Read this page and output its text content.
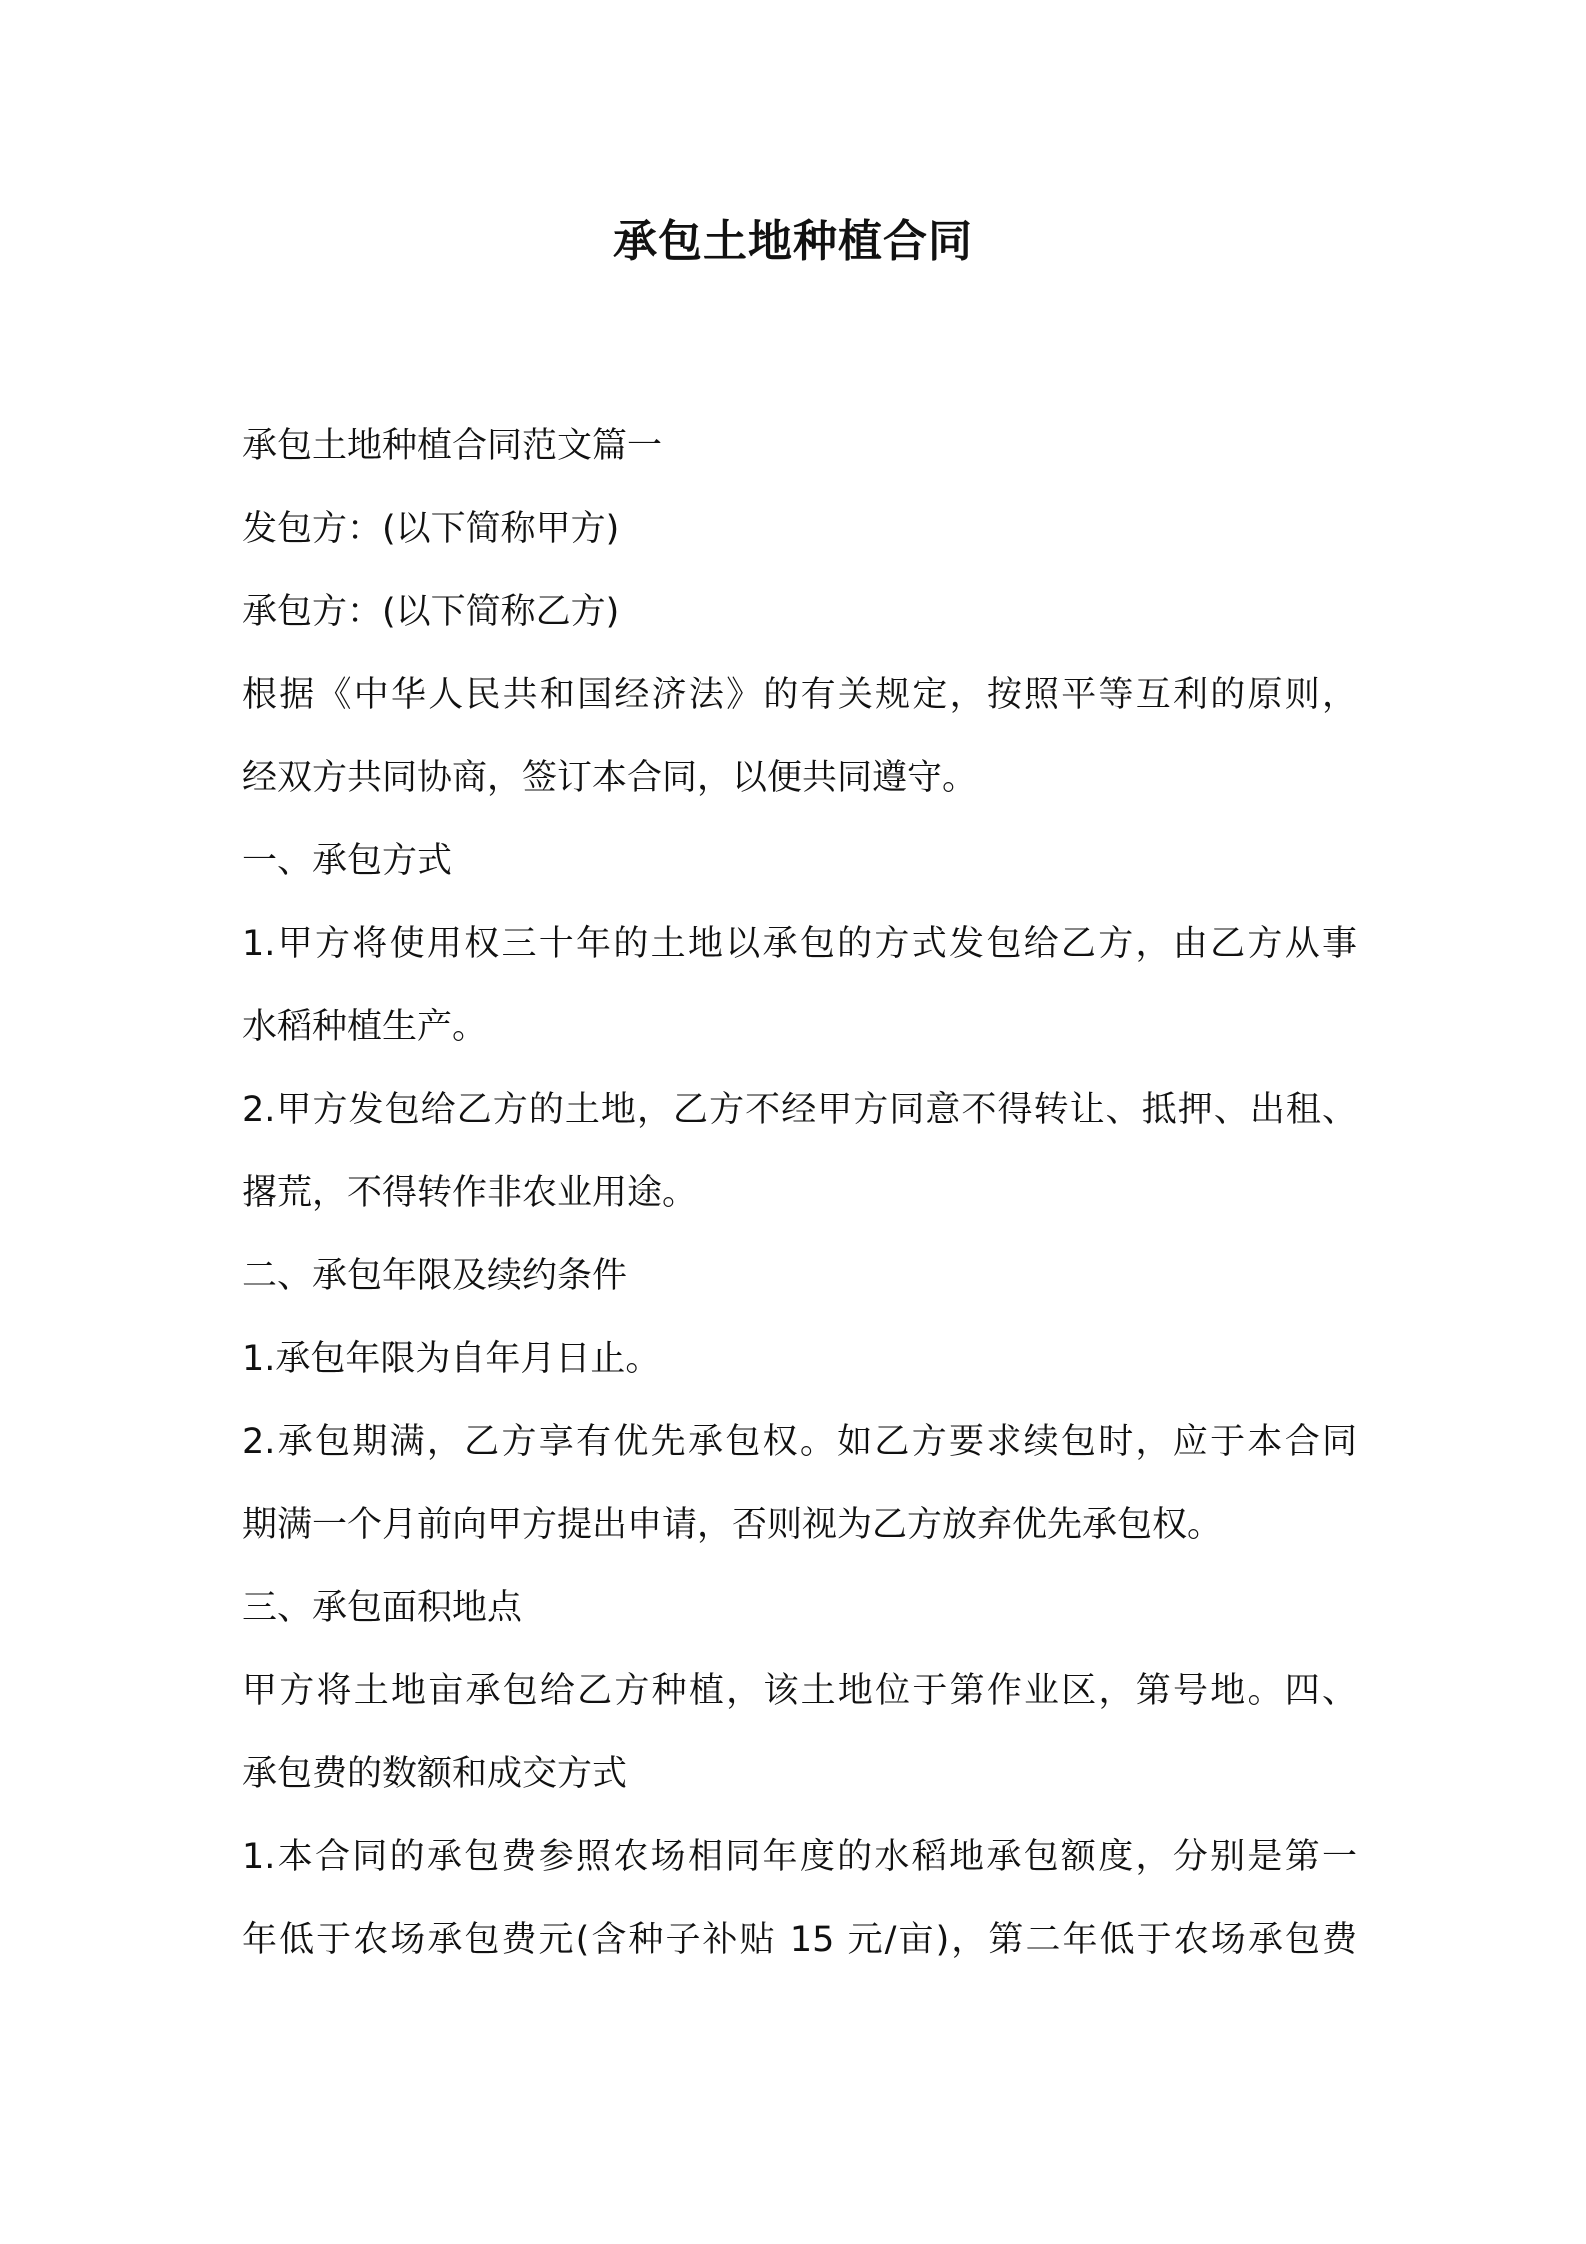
承包土地种植合同

承包土地种植合同范文篇一

发包方：(以下简称甲方)

承包方：(以下简称乙方)

根据《中华人民共和国经济法》的有关规定，按照平等互利的原则，

经双方共同协商，签订本合同，以便共同遵守。

一、承包方式

1.甲方将使用权三十年的土地以承包的方式发包给乙方，由乙方从事

水稻种植生产。

2.甲方发包给乙方的土地，乙方不经甲方同意不得转让、抵押、出租、

撂荒，不得转作非农业用途。

二、承包年限及续约条件

1.承包年限为自年月日止。

2.承包期满，乙方享有优先承包权。如乙方要求续包时，应于本合同

期满一个月前向甲方提出申请，否则视为乙方放弃优先承包权。

三、承包面积地点

甲方将土地亩承包给乙方种植，该土地位于第作业区，第号地。四、

承包费的数额和成交方式

1.本合同的承包费参照农场相同年度的水稻地承包额度，分别是第一

年低于农场承包费元(含种子补贴 15 元/亩)，第二年低于农场承包费
